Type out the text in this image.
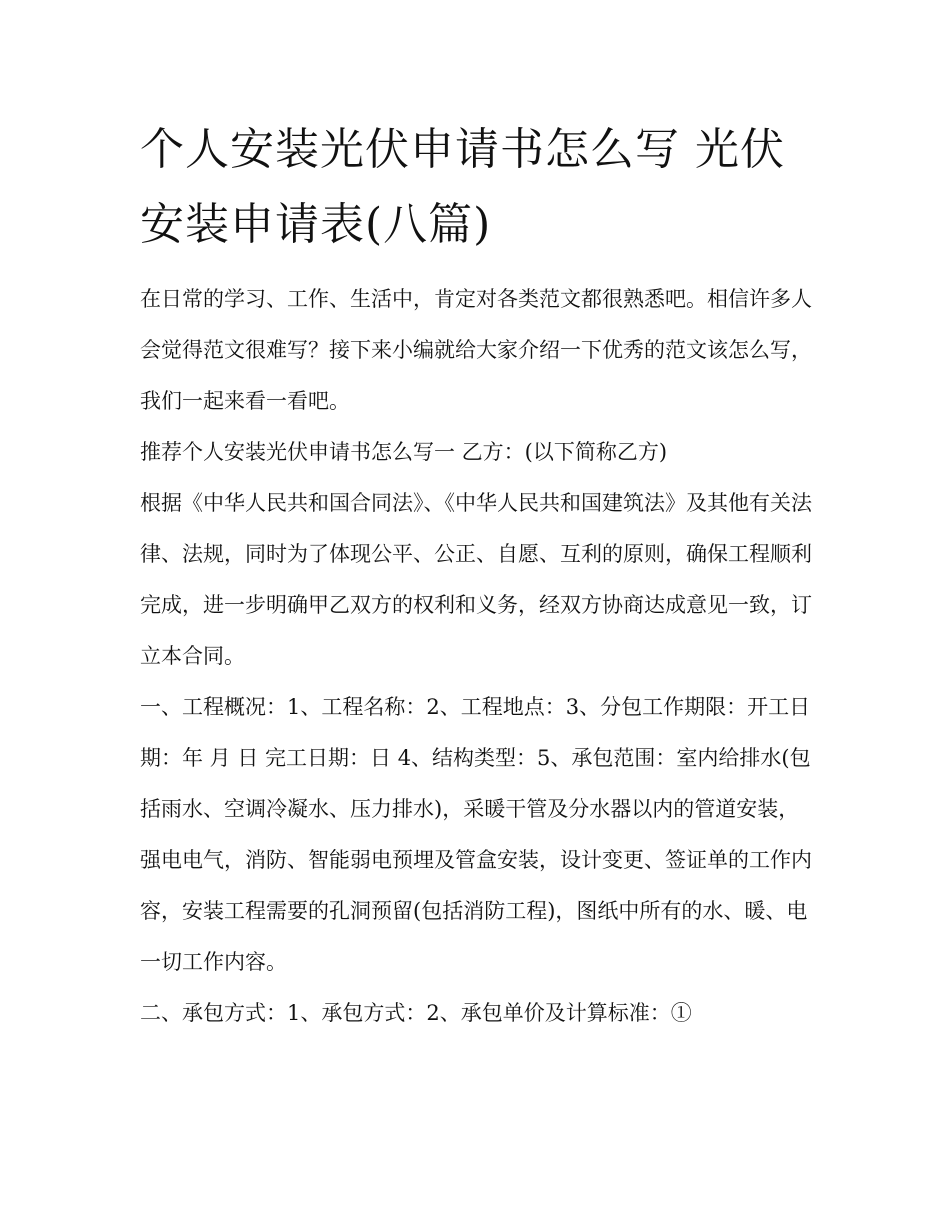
个人安装光伏申请书怎么写 光伏安装申请表(八篇)

在日常的学习、工作、生活中，肯定对各类范文都很熟悉吧。相信许多人会觉得范文很难写？接下来小编就给大家介绍一下优秀的范文该怎么写，我们一起来看一看吧。

推荐个人安装光伏申请书怎么写一 乙方：(以下简称乙方)

根据《中华人民共和国合同法》、《中华人民共和国建筑法》及其他有关法律、法规，同时为了体现公平、公正、自愿、互利的原则，确保工程顺利完成，进一步明确甲乙双方的权利和义务，经双方协商达成意见一致，订立本合同。

一、工程概况：1、工程名称：2、工程地点：3、分包工作期限：开工日期：年 月 日 完工日期：日 4、结构类型：5、承包范围：室内给排水(包括雨水、空调冷凝水、压力排水)，采暖干管及分水器以内的管道安装，强电电气，消防、智能弱电预埋及管盒安装，设计变更、签证单的工作内容，安装工程需要的孔洞预留(包括消防工程)，图纸中所有的水、暖、电一切工作内容。

二、承包方式：1、承包方式：2、承包单价及计算标准：①
